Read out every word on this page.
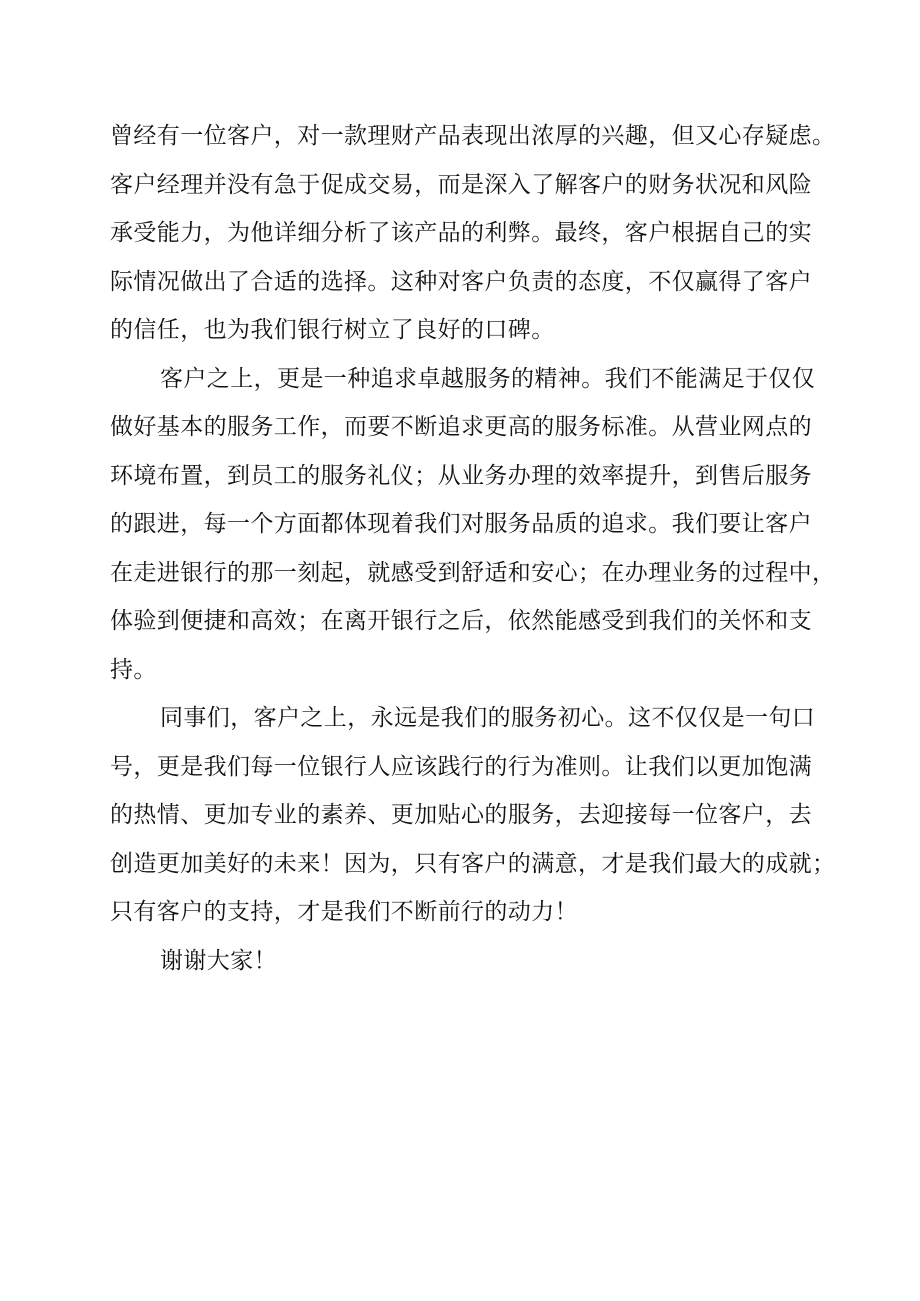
曾经有一位客户，对一款理财产品表现出浓厚的兴趣，但又心存疑虑。
客户经理并没有急于促成交易，而是深入了解客户的财务状况和风险
承受能力，为他详细分析了该产品的利弊。最终，客户根据自己的实
际情况做出了合适的选择。这种对客户负责的态度，不仅赢得了客户
的信任，也为我们银行树立了良好的口碑。
客户之上，更是一种追求卓越服务的精神。我们不能满足于仅仅
做好基本的服务工作，而要不断追求更高的服务标准。从营业网点的
环境布置，到员工的服务礼仪；从业务办理的效率提升，到售后服务
的跟进，每一个方面都体现着我们对服务品质的追求。我们要让客户
在走进银行的那一刻起，就感受到舒适和安心；在办理业务的过程中，
体验到便捷和高效；在离开银行之后，依然能感受到我们的关怀和支
持。
同事们，客户之上，永远是我们的服务初心。这不仅仅是一句口
号，更是我们每一位银行人应该践行的行为准则。让我们以更加饱满
的热情、更加专业的素养、更加贴心的服务，去迎接每一位客户，去
创造更加美好的未来！因为，只有客户的满意，才是我们最大的成就；
只有客户的支持，才是我们不断前行的动力！
谢谢大家！
